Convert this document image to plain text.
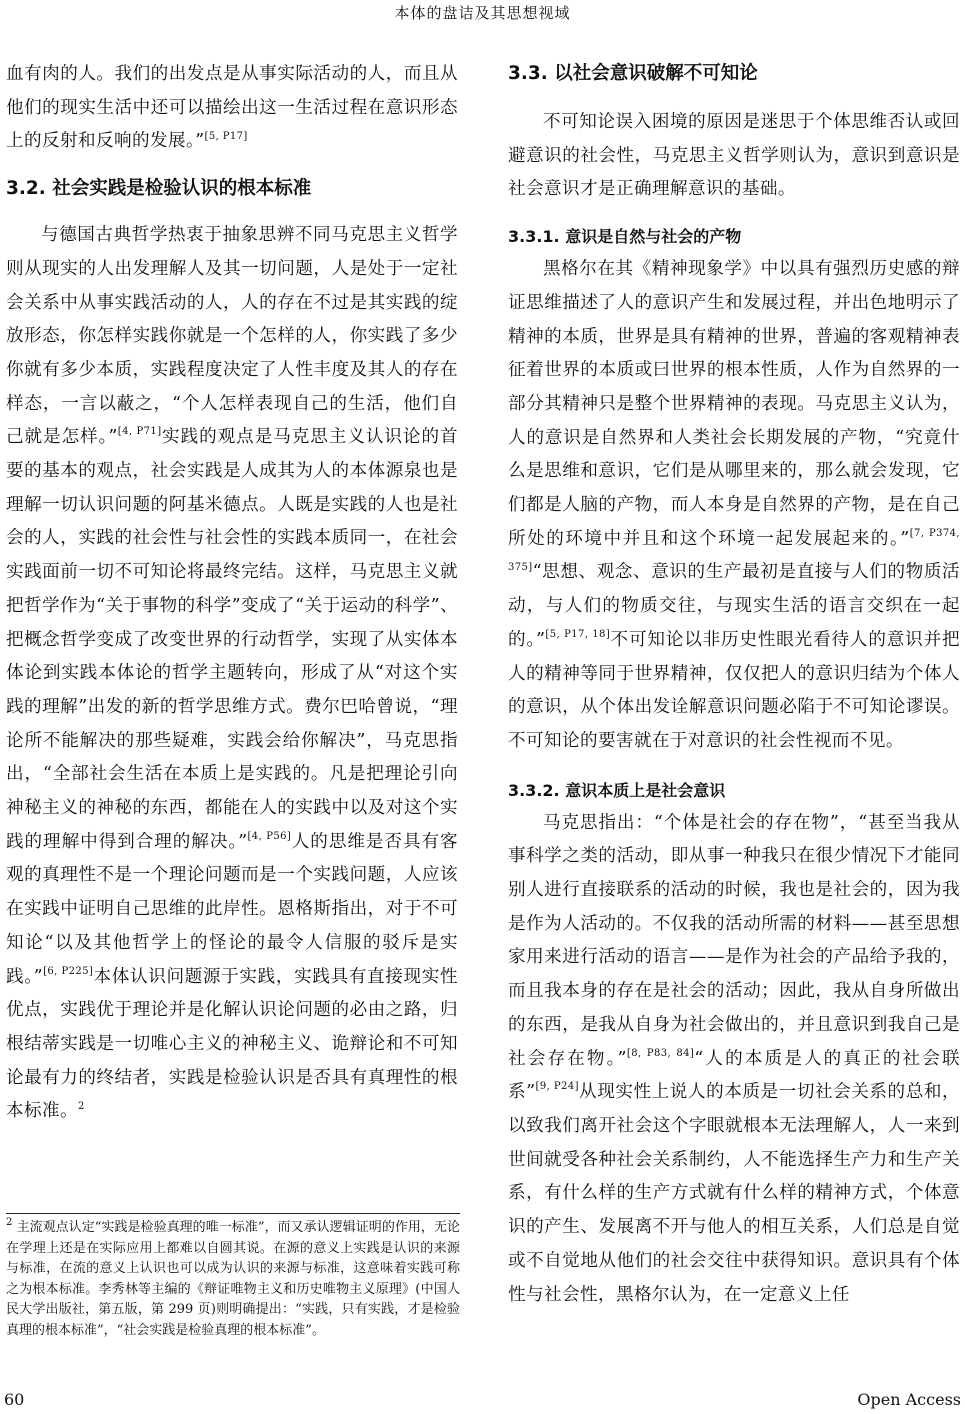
本体的盘诘及其思想视域

血有肉的人。我们的出发点是从事实际活动的人，而且从他们的现实生活中还可以描绘出这一生活过程在意识形态上的反射和反响的发展。”[5, P17]

3.2. 社会实践是检验认识的根本标准

与德国古典哲学热衷于抽象思辨不同马克思主义哲学则从现实的人出发理解人及其一切问题，人是处于一定社会关系中从事实践活动的人，人的存在不过是其实践的绽放形态，你怎样实践你就是一个怎样的人，你实践了多少你就有多少本质，实践程度决定了人性丰度及其人的存在样态，一言以蔽之，“个人怎样表现自己的生活，他们自己就是怎样。”[4, P71]实践的观点是马克思主义认识论的首要的基本的观点，社会实践是人成其为人的本体源泉也是理解一切认识问题的阿基米德点。人既是实践的人也是社会的人，实践的社会性与社会性的实践本质同一，在社会实践面前一切不可知论将最终完结。这样，马克思主义就把哲学作为“关于事物的科学”变成了“关于运动的科学”、把概念哲学变成了改变世界的行动哲学，实现了从实体本体论到实践本体论的哲学主题转向，形成了从“对这个实践的理解”出发的新的哲学思维方式。费尔巴哈曾说，“理论所不能解决的那些疑难，实践会给你解决”，马克思指出，“全部社会生活在本质上是实践的。凡是把理论引向神秘主义的神秘的东西，都能在人的实践中以及对这个实践的理解中得到合理的解决。”[4, P56]人的思维是否具有客观的真理性不是一个理论问题而是一个实践问题，人应该在实践中证明自己思维的此岸性。恩格斯指出，对于不可知论“以及其他哲学上的怪论的最令人信服的驳斥是实践。”[6, P225]本体认识问题源于实践，实践具有直接现实性优点，实践优于理论并是化解认识论问题的必由之路，归根结蒂实践是一切唯心主义的神秘主义、诡辩论和不可知论最有力的终结者，实践是检验认识是否具有真理性的根本标准。$^2$

$^2$ 主流观点认定“实践是检验真理的唯一标准”，而又承认逻辑证明的作用，无论在学理上还是在实际应用上都难以自圆其说。在源的意义上实践是认识的来源与标准，在流的意义上认识也可以成为认识的来源与标准，这意味着实践可称之为根本标准。李秀林等主编的《辩证唯物主义和历史唯物主义原理》(中国人民大学出版社，第五版，第 299 页)则明确提出：“实践，只有实践，才是检验真理的根本标准”，“社会实践是检验真理的根本标准”。
3.3. 以社会意识破解不可知论

不可知论误入困境的原因是迷思于个体思维否认或回避意识的社会性，马克思主义哲学则认为，意识到意识是社会意识才是正确理解意识的基础。

3.3.1. 意识是自然与社会的产物

黑格尔在其《精神现象学》中以具有强烈历史感的辩证思维描述了人的意识产生和发展过程，并出色地明示了精神的本质，世界是具有精神的世界，普遍的客观精神表征着世界的本质或曰世界的根本性质，人作为自然界的一部分其精神只是整个世界精神的表现。马克思主义认为，人的意识是自然界和人类社会长期发展的产物，“究竟什么是思维和意识，它们是从哪里来的，那么就会发现，它们都是人脑的产物，而人本身是自然界的产物，是在自己所处的环境中并且和这个环境一起发展起来的。”[7, P374, 375]“思想、观念、意识的生产最初是直接与人们的物质活动，与人们的物质交往，与现实生活的语言交织在一起的。”[5, P17, 18]不可知论以非历史性眼光看待人的意识并把人的精神等同于世界精神，仅仅把人的意识归结为个体人的意识，从个体出发诠解意识问题必陷于不可知论谬误。不可知论的要害就在于对意识的社会性视而不见。

3.3.2. 意识本质上是社会意识

马克思指出：“个体是社会的存在物”，“甚至当我从事科学之类的活动，即从事一种我只在很少情况下才能同别人进行直接联系的活动的时候，我也是社会的，因为我是作为人活动的。不仅我的活动所需的材料——甚至思想家用来进行活动的语言——是作为社会的产品给予我的，而且我本身的存在是社会的活动；因此，我从自身所做出的东西，是我从自身为社会做出的，并且意识到我自己是社会存在物。”[8, P83, 84]“人的本质是人的真正的社会联系”[9, P24]从现实性上说人的本质是一切社会关系的总和，以致我们离开社会这个字眼就根本无法理解人，人一来到世间就受各种社会关系制约，人不能选择生产力和生产关系，有什么样的生产方式就有什么样的精神方式，个体意识的产生、发展离不开与他人的相互关系，人们总是自觉或不自觉地从他们的社会交往中获得知识。意识具有个体性与社会性，黑格尔认为，在一定意义上任

60	Open Access
